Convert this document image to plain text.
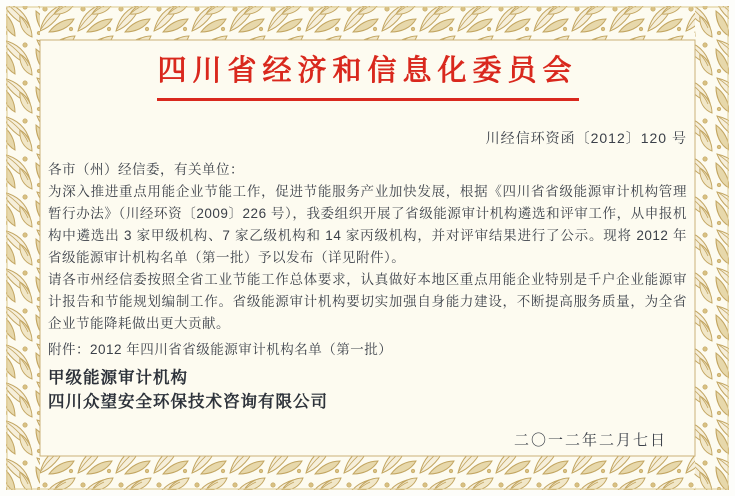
四川省经济和信息化委员会
川经信环资函〔2012〕120 号

各市（州）经信委，有关单位：

为深入推进重点用能企业节能工作，促进节能服务产业加快发展，根据《四川省省级能源审计机构管理暂行办法》（川经环资〔2009〕226 号），我委组织开展了省级能源审计机构遴选和评审工作，从申报机构中遴选出 3 家甲级机构、7 家乙级机构和 14 家丙级机构，并对评审结果进行了公示。现将 2012 年省级能源审计机构名单（第一批）予以发布（详见附件）。

请各市州经信委按照全省工业节能工作总体要求，认真做好本地区重点用能企业特别是千户企业能源审计报告和节能规划编制工作。省级能源审计机构要切实加强自身能力建设，不断提高服务质量，为全省企业节能降耗做出更大贡献。

附件：2012 年四川省省级能源审计机构名单（第一批）

甲级能源审计机构
四川众望安全环保技术咨询有限公司
二〇一二年二月七日
